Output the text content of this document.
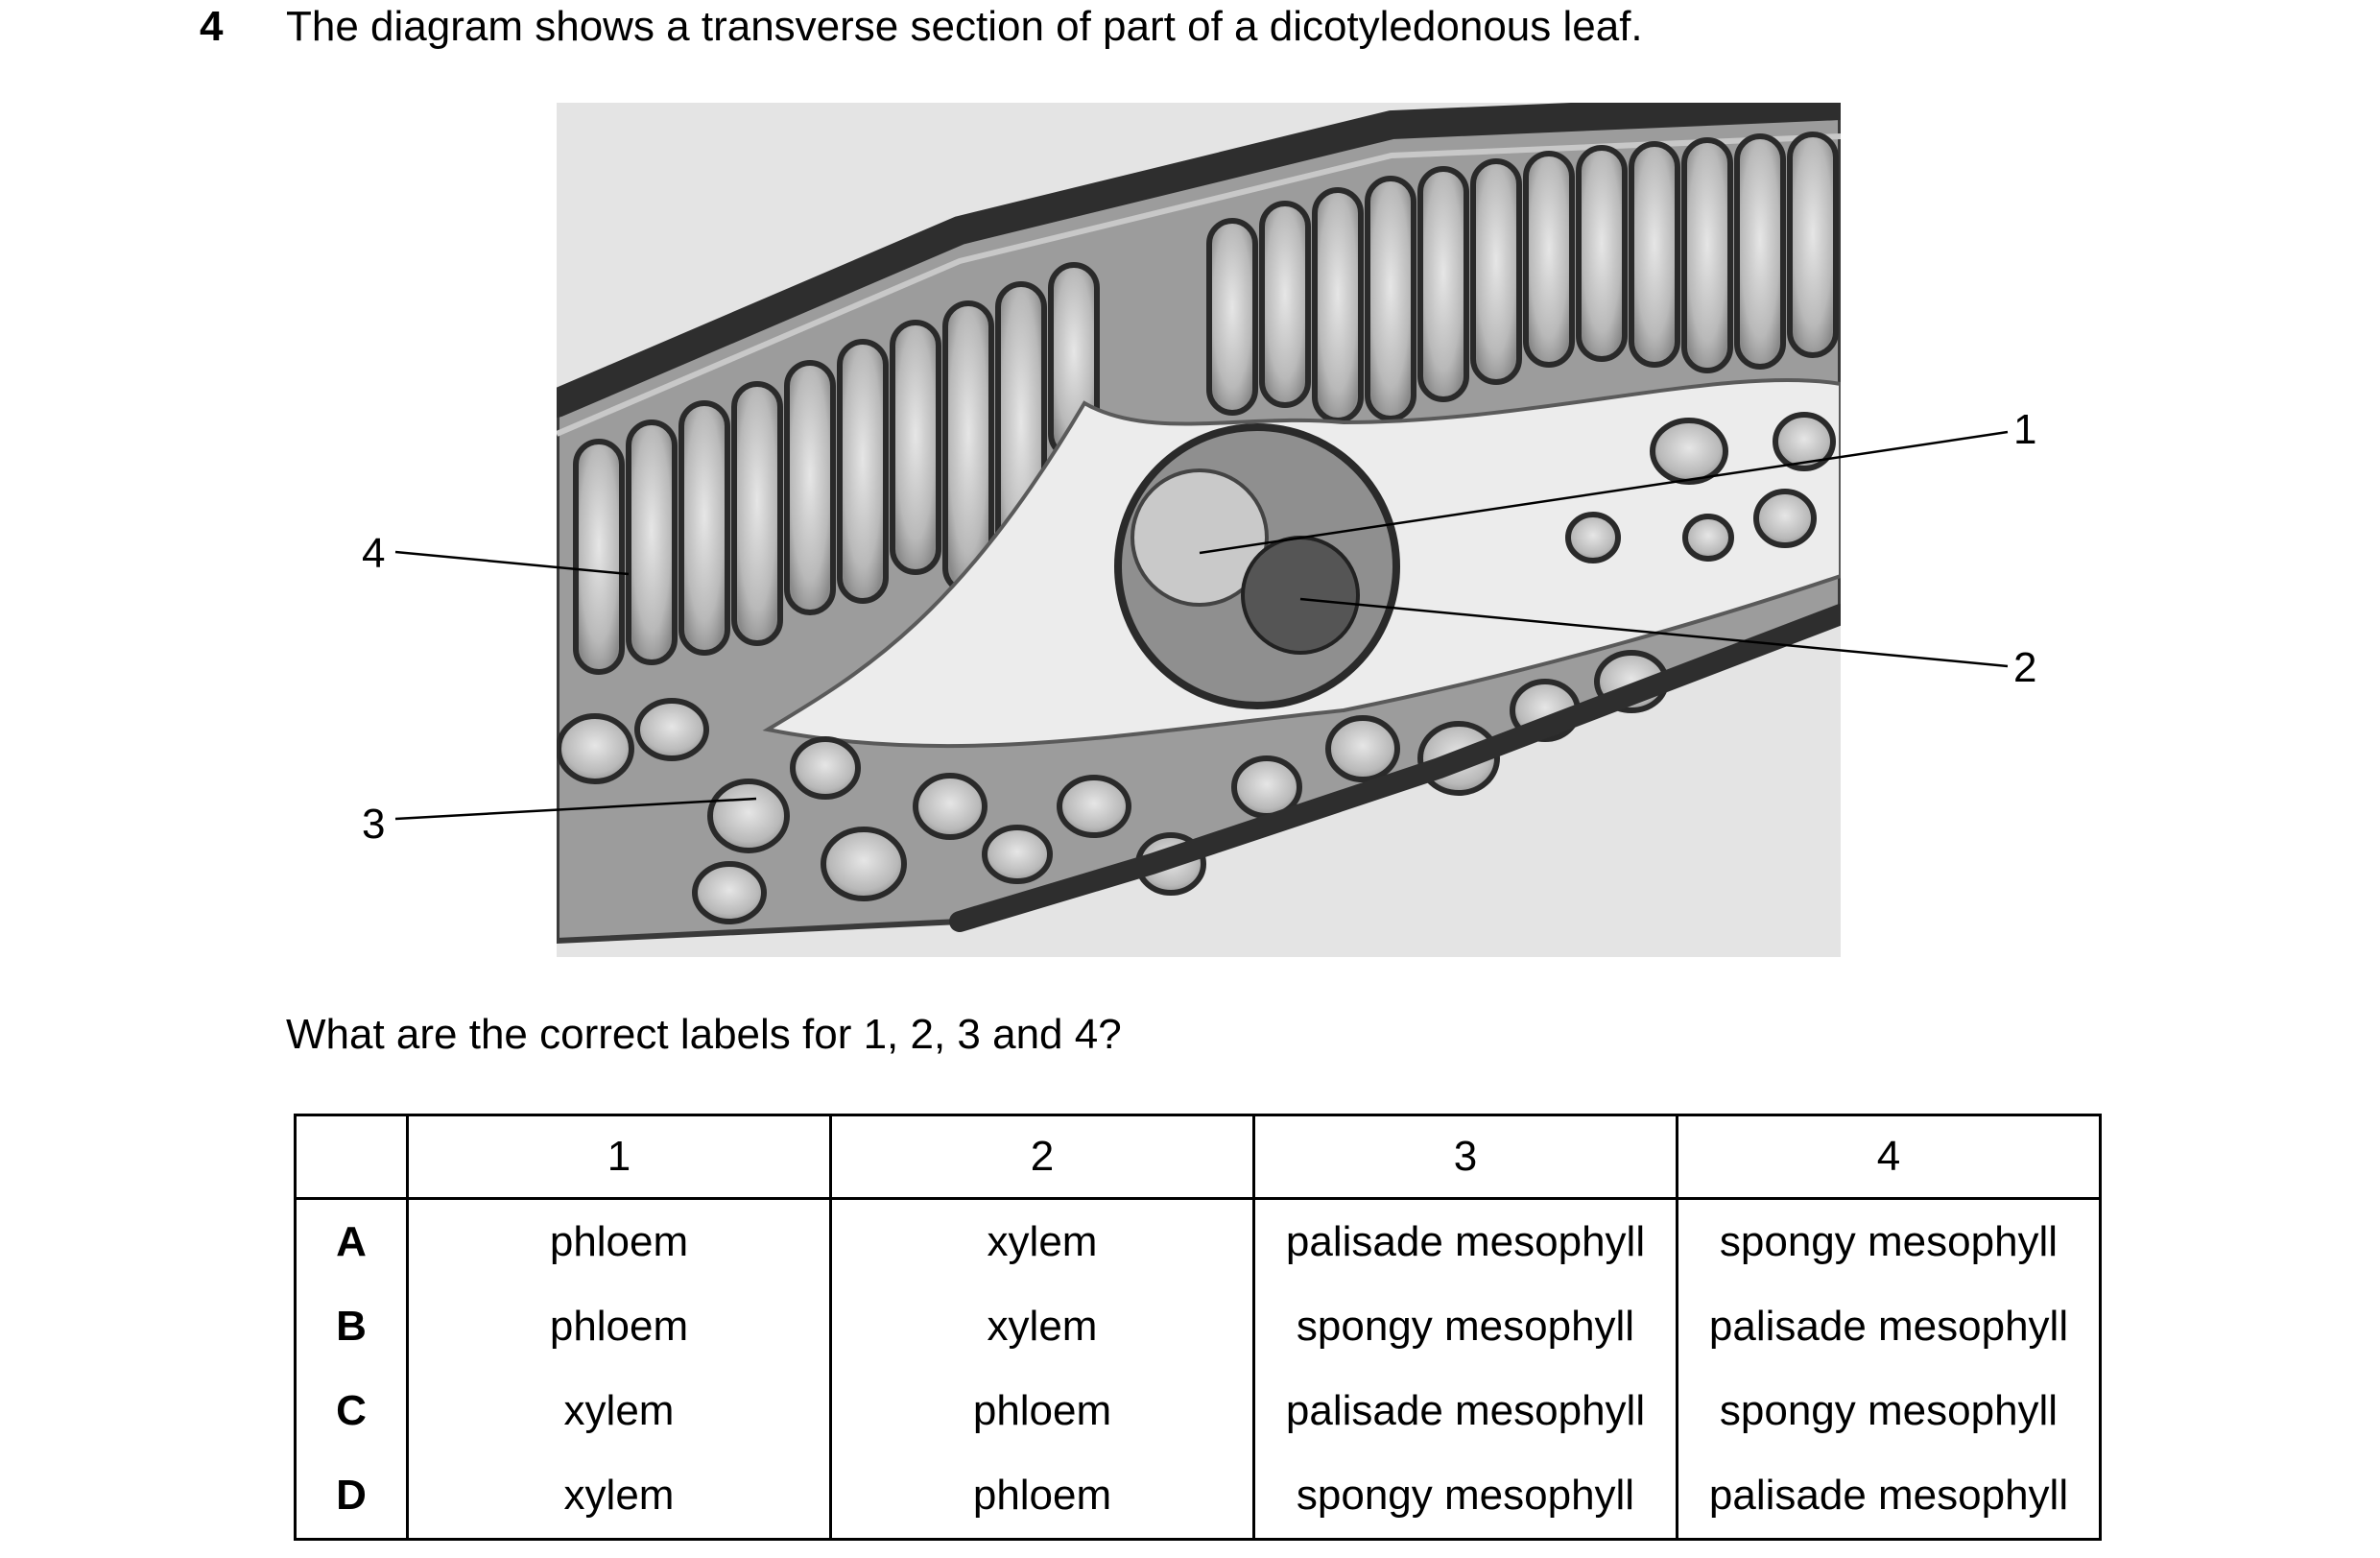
4 The diagram shows a transverse section of part of a dicotyledonous leaf.
1
2
3
4
What are the correct labels for 1, 2, 3 and 4?
	1	2	3	4
A	phloem	xylem	palisade mesophyll	spongy mesophyll
B	phloem	xylem	spongy mesophyll	palisade mesophyll
C	xylem	phloem	palisade mesophyll	spongy mesophyll
D	xylem	phloem	spongy mesophyll	palisade mesophyll
